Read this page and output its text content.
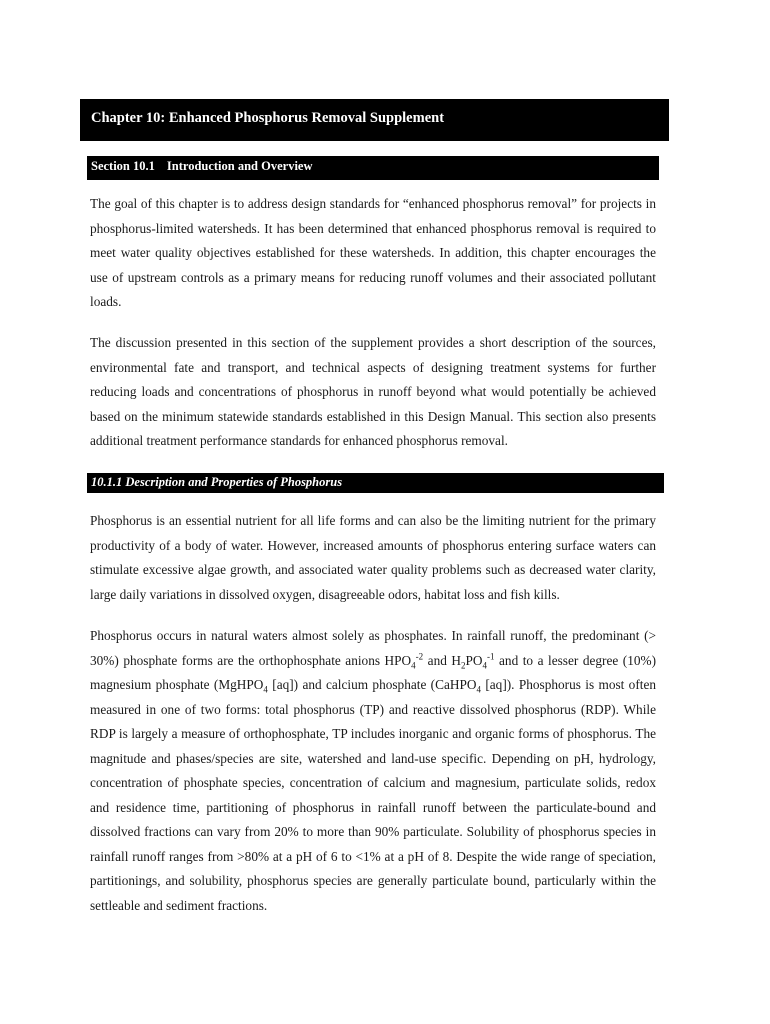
Chapter 10: Enhanced Phosphorus Removal Supplement
Section 10.1 Introduction and Overview

The goal of this chapter is to address design standards for “enhanced phosphorus removal” for projects in phosphorus-limited watersheds. It has been determined that enhanced phosphorus removal is required to meet water quality objectives established for these watersheds. In addition, this chapter encourages the use of upstream controls as a primary means for reducing runoff volumes and their associated pollutant loads.

The discussion presented in this section of the supplement provides a short description of the sources, environmental fate and transport, and technical aspects of designing treatment systems for further reducing loads and concentrations of phosphorus in runoff beyond what would potentially be achieved based on the minimum statewide standards established in this Design Manual. This section also presents additional treatment performance standards for enhanced phosphorus removal.

10.1.1 Description and Properties of Phosphorus

Phosphorus is an essential nutrient for all life forms and can also be the limiting nutrient for the primary productivity of a body of water. However, increased amounts of phosphorus entering surface waters can stimulate excessive algae growth, and associated water quality problems such as decreased water clarity, large daily variations in dissolved oxygen, disagreeable odors, habitat loss and fish kills.

Phosphorus occurs in natural waters almost solely as phosphates. In rainfall runoff, the predominant (> 30%) phosphate forms are the orthophosphate anions $HPO_4^{-2}$ and $H_2PO_4^{-1}$ and to a lesser degree (10%) magnesium phosphate (MgHPO$_4$ [aq]) and calcium phosphate (CaHPO$_4$ [aq]). Phosphorus is most often measured in one of two forms: total phosphorus (TP) and reactive dissolved phosphorus (RDP). While RDP is largely a measure of orthophosphate, TP includes inorganic and organic forms of phosphorus. The magnitude and phases/species are site, watershed and land-use specific. Depending on pH, hydrology, concentration of phosphate species, concentration of calcium and magnesium, particulate solids, redox and residence time, partitioning of phosphorus in rainfall runoff between the particulate-bound and dissolved fractions can vary from 20% to more than 90% particulate. Solubility of phosphorus species in rainfall runoff ranges from >80% at a pH of 6 to <1% at a pH of 8. Despite the wide range of speciation, partitionings, and solubility, phosphorus species are generally particulate bound, particularly within the settleable and sediment fractions.
